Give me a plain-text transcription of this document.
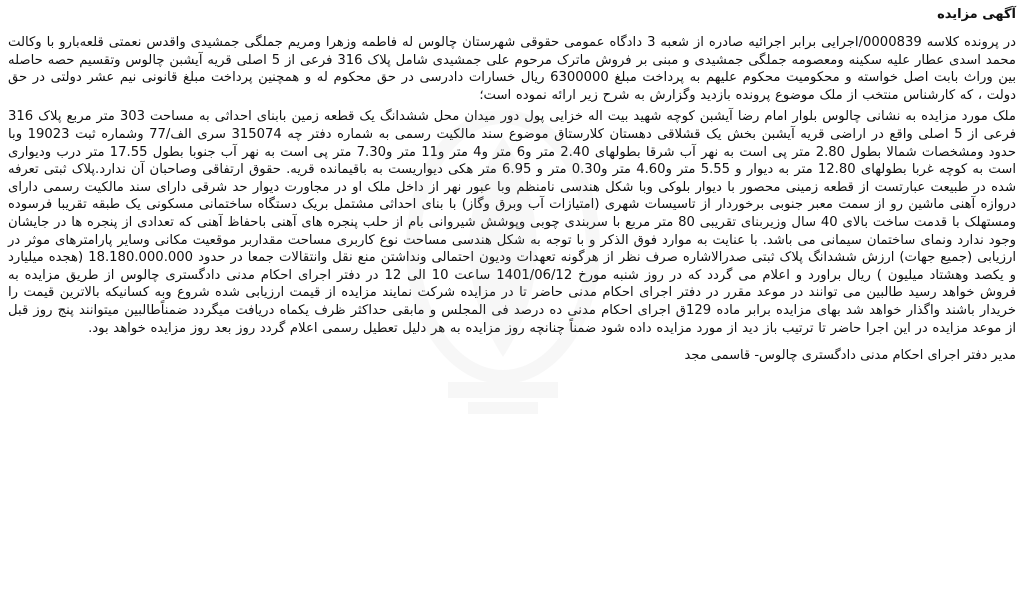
آگهی مزایده

در پرونده کلاسه 0000839/اجرایی برابر اجرائیه صادره از شعبه 3 دادگاه عمومی حقوقی شهرستان چالوس له فاطمه وزهرا ومریم جملگی جمشیدی واقدس نعمتی قلعه‌بارو با وکالت محمد اسدی عطار علیه سکینه ومعصومه جملگی جمشیدی و مبنی بر فروش ماترک مرحوم علی جمشیدی شامل پلاک 316 فرعی از 5 اصلی قریه آیشبن چالوس وتقسیم حصه حاصله بین وراث بابت اصل خواسته و محکومیت محکوم علیهم به پرداخت مبلغ 6300000 ریال خسارات دادرسی در حق محکوم له و همچنین پرداخت مبلغ قانونی نیم عشر دولتی در حق دولت ، که کارشناس منتخب از ملک موضوع پرونده بازدید وگزارش به شرح زیر ارائه نموده است؛

ملک مورد مزایده به نشانی چالوس بلوار امام رضا آیشبن کوچه شهید بیت اله خزایی پول دور میدان محل ششدانگ یک قطعه زمین بابنای احداثی به مساحت 303 متر مربع پلاک 316 فرعی از 5 اصلی واقع در اراضی قریه آیشبن بخش یک قشلاقی دهستان کلارستاق موضوع سند مالکیت رسمی به شماره دفتر چه 315074 سری الف/77 وشماره ثبت 19023 وبا حدود ومشخصات شمالا بطول 2.80 متر پی است به نهر آب شرقا بطولهای 2.40 متر و6 متر و4 متر و11 متر و7.30 متر پی است به نهر آب جنوبا بطول 17.55 متر درب ودیواری است به کوچه غربا بطولهای 12.80 متر به دیوار و 5.55 متر و4.60 متر و0.30 متر و 6.95 متر هکی دیواریست به باقیمانده قریه. حقوق ارتفاقی وصاحبان آن ندارد.پلاک ثبتی تعرفه شده در طبیعت عبارتست از قطعه زمینی محصور با دیوار بلوکی وبا شکل هندسی نامنظم وبا عبور نهر از داخل ملک او در مجاورت دیوار حد شرقی دارای سند مالکیت رسمی دارای دروازه آهنی ماشین رو از سمت معبر جنوبی برخوردار از تاسیسات شهری (امتیازات آب وبرق وگاز) با بنای احداثی مشتمل بریک دستگاه ساختمانی مسکونی یک طبقه تقریبا فرسوده ومستهلک با قدمت ساخت بالای 40 سال وزیربنای تقریبی 80 متر مربع با سربندی چوبی وپوشش شیروانی بام از حلب پنجره های آهنی باحفاظ آهنی که تعدادی از پنجره ها در جایشان وجود ندارد ونمای ساختمان سیمانی می باشد. با عنایت به موارد فوق الذکر و با توجه به شکل هندسی مساحت نوع کاربری مساحت مقداربر موقعیت مکانی وسایر پارامترهای موثر در ارزیابی (جمیع جهات) ارزش ششدانگ پلاک ثبتی صدرالاشاره صرف نظر از هرگونه تعهدات ودیون احتمالی ونداشتن منع نقل وانتقالات جمعا در حدود 18.180.000.000 (هجده میلیارد و یکصد وهشتاد میلیون ) ریال براورد و اعلام می گردد که در روز شنبه مورخ 1401/06/12 ساعت 10 الی 12 در دفتر اجرای احکام مدنی دادگستری چالوس از طریق مزایده به فروش خواهد رسید طالبین می توانند در موعد مقرر در دفتر اجرای احکام مدنی حاضر تا در مزایده شرکت نمایند مزایده از قیمت ارزیابی شده شروع وبه کسانیکه بالاترین قیمت را خریدار باشند واگذار خواهد شد بهای مزایده برابر ماده 129ق اجرای احکام مدنی ده درصد فی المجلس و مابقی حداکثر ظرف یکماه دریافت میگردد ضمناًطالبین میتوانند پنج روز قبل از موعد مزایده در این اجرا حاضر تا ترتیب باز دید از مورد مزایده داده شود ضمناً چنانچه روز مزایده به هر دلیل تعطیل رسمی اعلام گردد روز بعد روز مزایده خواهد بود.

مدیر دفتر اجرای احکام مدنی دادگستری چالوس- قاسمی مجد
